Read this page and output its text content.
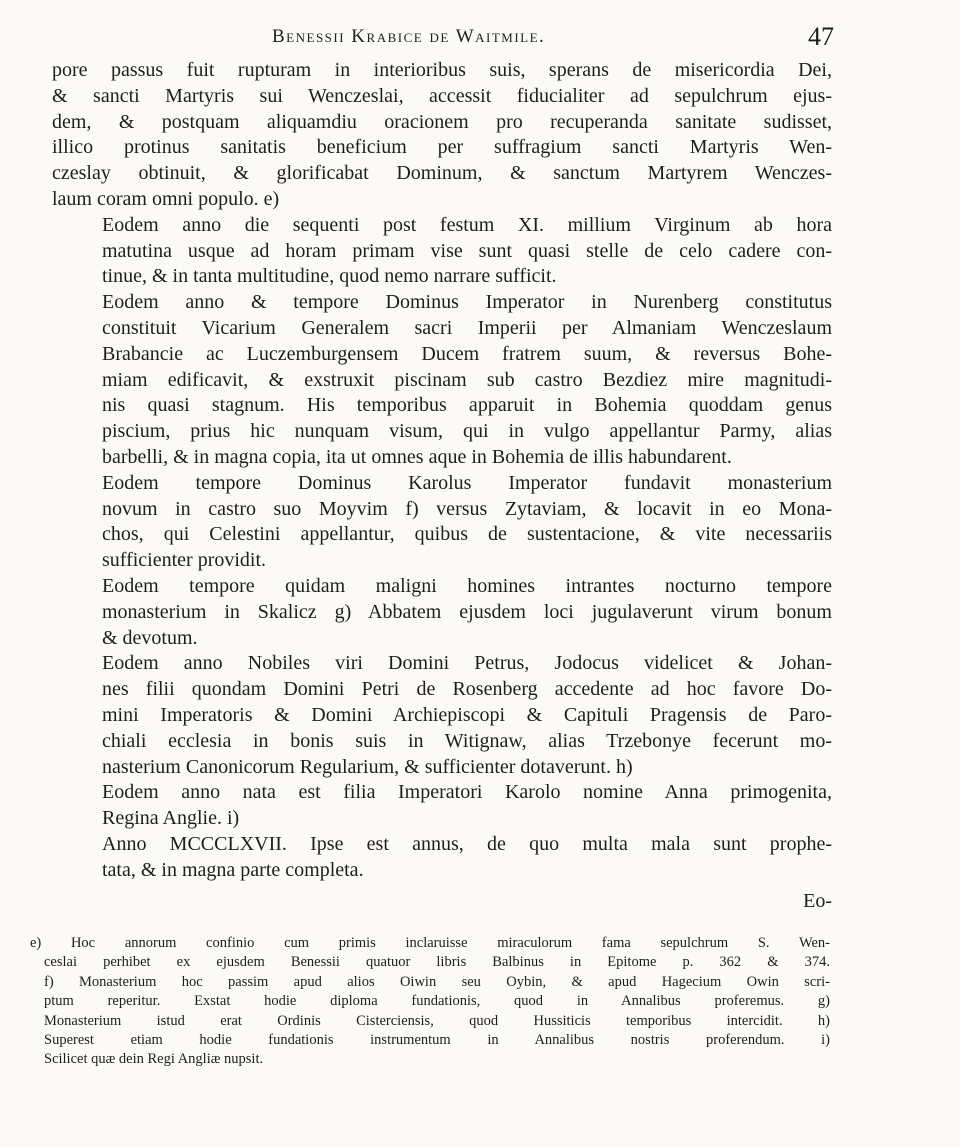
Benessii Krabice de Waitmile.	47

pore passus fuit rupturam in interioribus suis, sperans de misericordia Dei,
& sancti Martyris sui Wenczeslai, accessit fiducialiter ad sepulchrum ejus-
dem, & postquam aliquamdiu oracionem pro recuperanda sanitate sudisset,
illico protinus sanitatis beneficium per suffragium sancti Martyris Wen-
czeslay obtinuit, & glorificabat Dominum, & sanctum Martyrem Wenczes-
laum coram omni populo. e)

Eodem anno die sequenti post festum XI. millium Virginum ab hora
matutina usque ad horam primam vise sunt quasi stelle de celo cadere con-
tinue, & in tanta multitudine, quod nemo narrare sufficit.

Eodem anno & tempore Dominus Imperator in Nurenberg constitutus
constituit Vicarium Generalem sacri Imperii per Almaniam Wenczeslaum
Brabancie ac Luczemburgensem Ducem fratrem suum, & reversus Bohe-
miam edificavit, & exstruxit piscinam sub castro Bezdiez mire magnitudi-
nis quasi stagnum. His temporibus apparuit in Bohemia quoddam genus
piscium, prius hic nunquam visum, qui in vulgo appellantur Parmy, alias
barbelli, & in magna copia, ita ut omnes aque in Bohemia de illis habundarent.

Eodem tempore Dominus Karolus Imperator fundavit monasterium
novum in castro suo Moyvim f) versus Zytaviam, & locavit in eo Mona-
chos, qui Celestini appellantur, quibus de sustentacione, & vite necessariis
sufficienter providit.

Eodem tempore quidam maligni homines intrantes nocturno tempore
monasterium in Skalicz g) Abbatem ejusdem loci jugulaverunt virum bonum
& devotum.

Eodem anno Nobiles viri Domini Petrus, Jodocus videlicet & Johan-
nes filii quondam Domini Petri de Rosenberg accedente ad hoc favore Do-
mini Imperatoris & Domini Archiepiscopi & Capituli Pragensis de Paro-
chiali ecclesia in bonis suis in Witignaw, alias Trzebonye fecerunt mo-
nasterium Canonicorum Regularium, & sufficienter dotaverunt. h)

Eodem anno nata est filia Imperatori Karolo nomine Anna primogenita,
Regina Anglie. i)

Anno MCCCLXVII. Ipse est annus, de quo multa mala sunt prophe-
tata, & in magna parte completa.

Eo-
e) Hoc annorum confinio cum primis inclaruisse miraculorum fama sepulchrum S. Wen-
ceslai perhibet ex ejusdem Benessii quatuor libris Balbinus in Epitome p. 362 & 374.
f) Monasterium hoc passim apud alios Oiwin seu Oybin, & apud Hagecium Owin scri-
ptum reperitur. Exstat hodie diploma fundationis, quod in Annalibus proferemus. g)
Monasterium istud erat Ordinis Cisterciensis, quod Hussiticis temporibus intercidit. h)
Superest etiam hodie fundationis instrumentum in Annalibus nostris proferendum. i)
Scilicet quæ dein Regi Angliæ nupsit.
